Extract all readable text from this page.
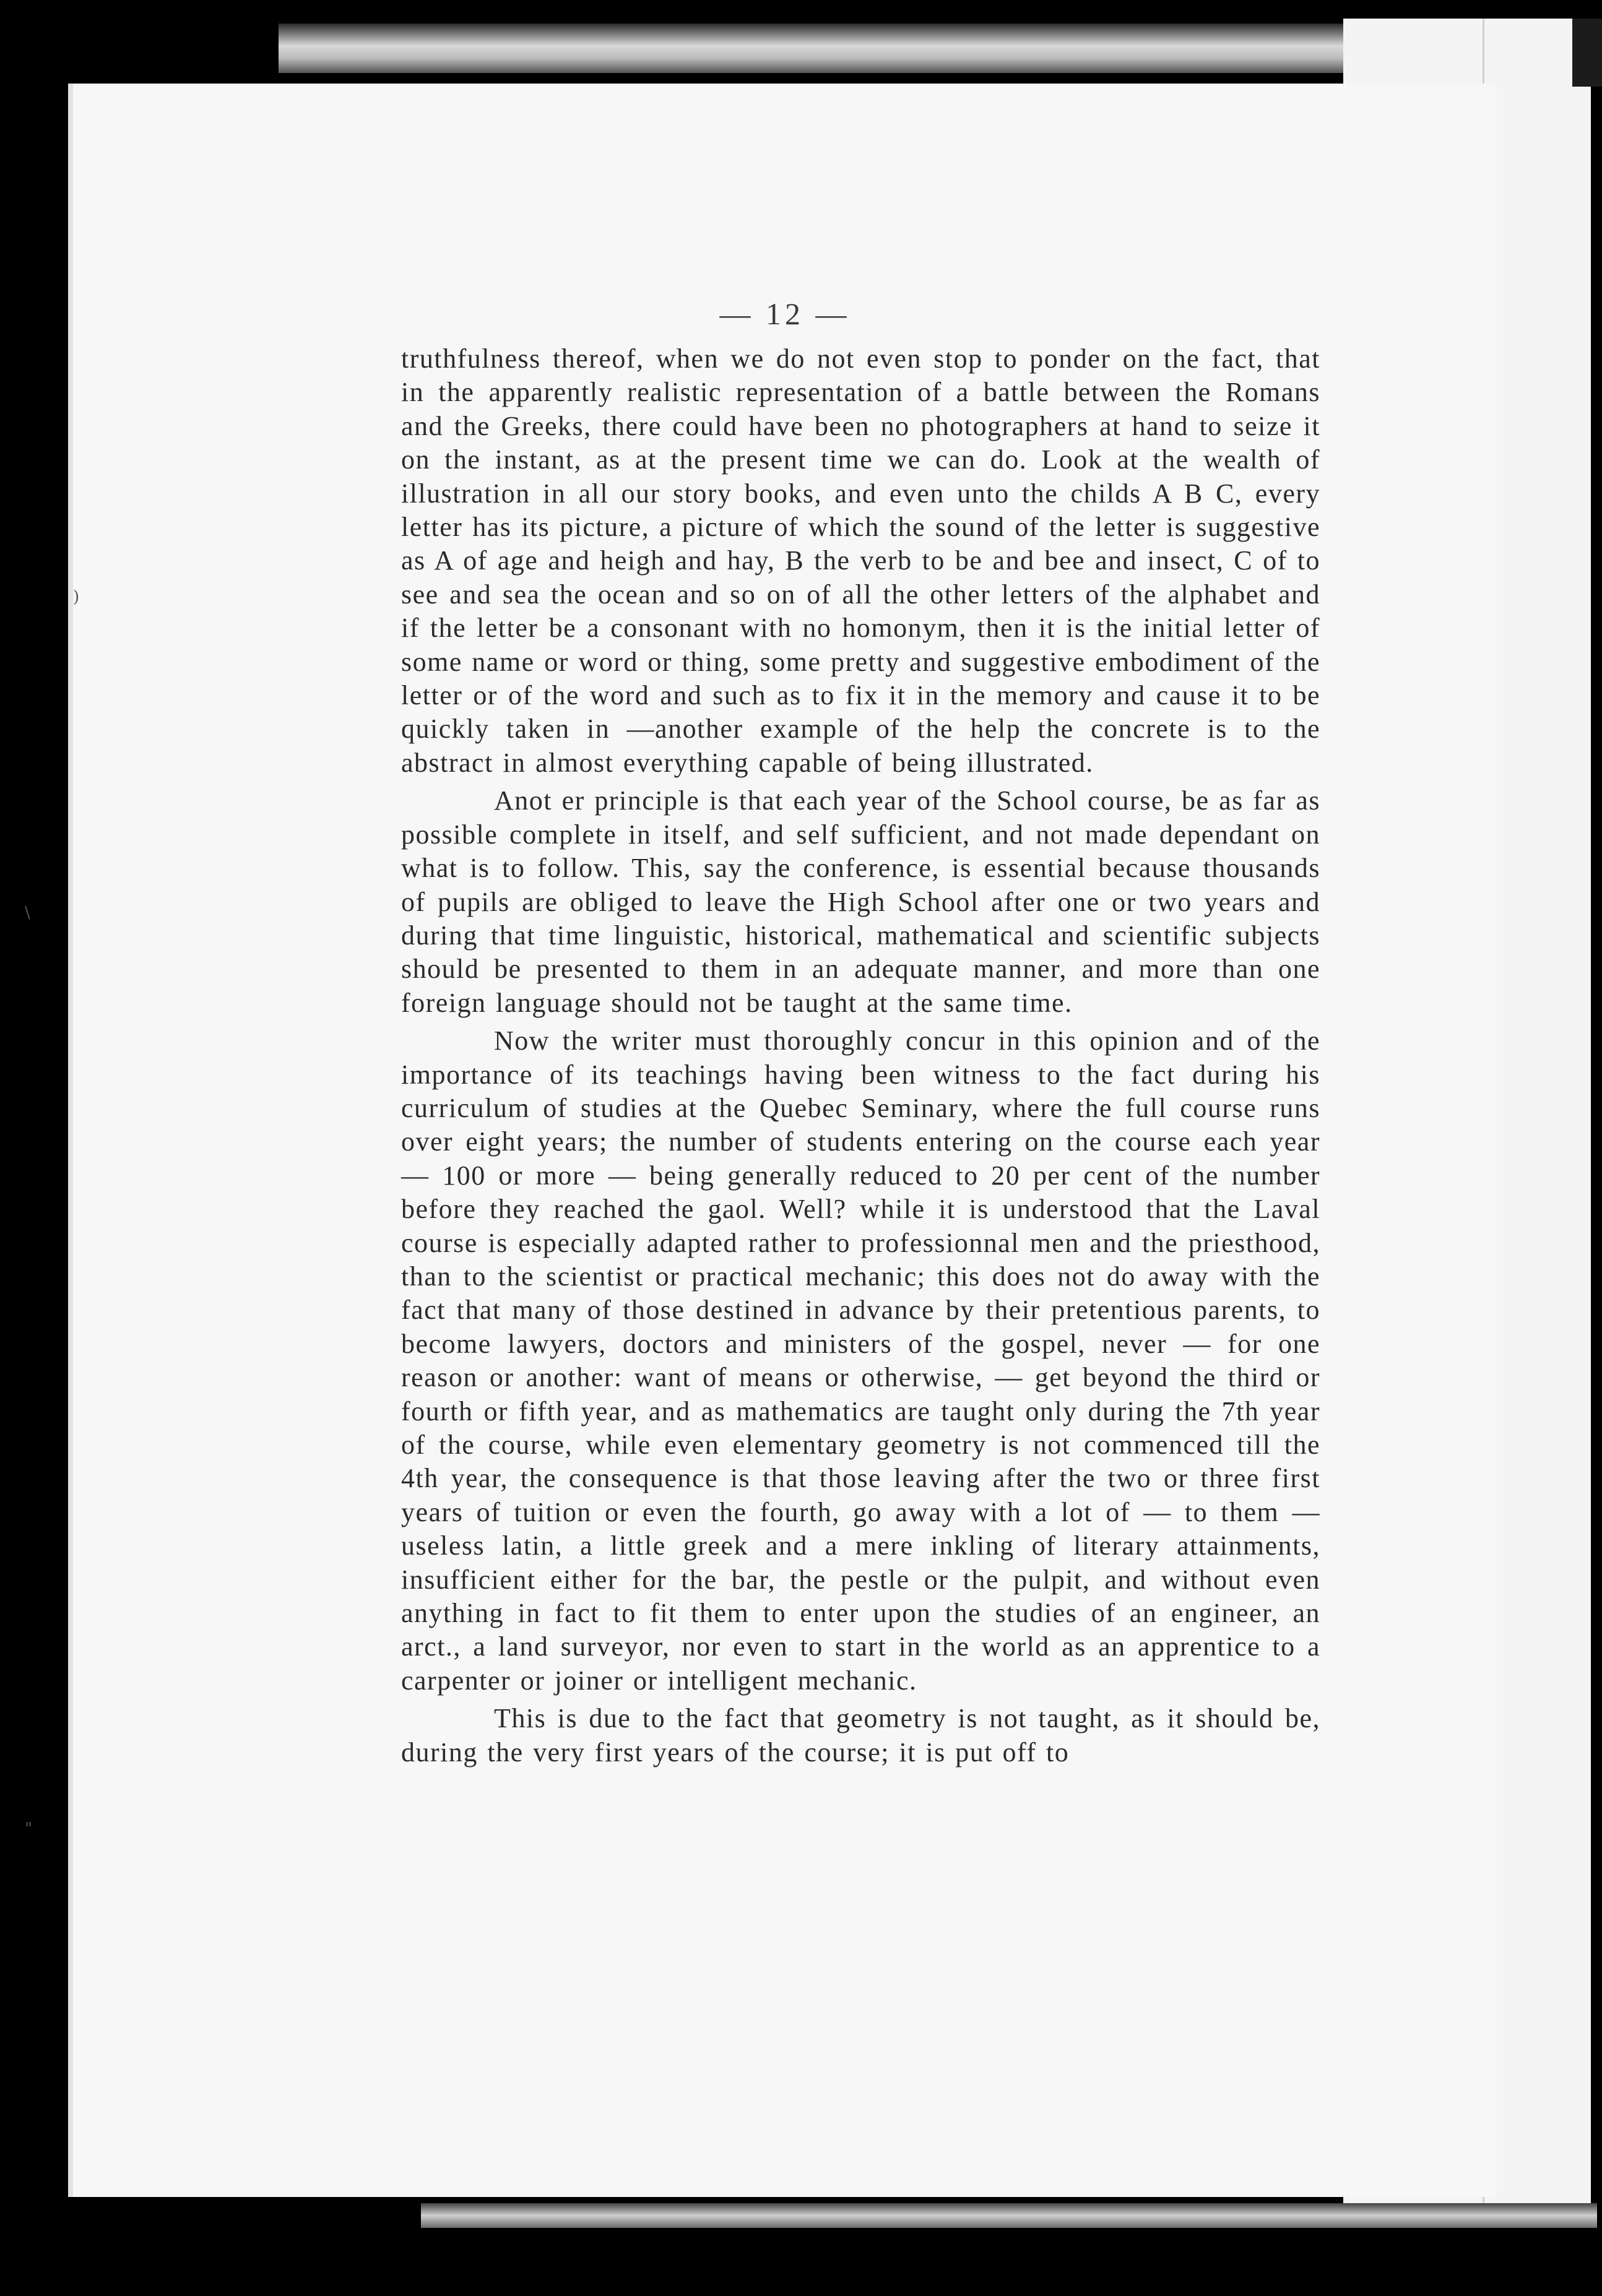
— 12 —

truthfulness thereof, when we do not even stop to ponder on the fact, that in the apparently realistic representation of a battle between the Romans and the Greeks, there could have been no photographers at hand to seize it on the instant, as at the present time we can do. Look at the wealth of illustration in all our story books, and even unto the childs A B C, every letter has its picture, a picture of which the sound of the letter is suggestive as A of age and heigh and hay, B the verb to be and bee and insect, C of to see and sea the ocean and so on of all the other letters of the alphabet and if the letter be a consonant with no homonym, then it is the initial letter of some name or word or thing, some pretty and suggestive embodiment of the letter or of the word and such as to fix it in the memory and cause it to be quickly taken in —another example of the help the concrete is to the abstract in almost everything capable of being illustrated.

Anot er principle is that each year of the School course, be as far as possible complete in itself, and self sufficient, and not made dependant on what is to follow. This, say the conference, is essential because thousands of pupils are obliged to leave the High School after one or two years and during that time linguistic, historical, mathematical and scientific subjects should be presented to them in an adequate manner, and more than one foreign language should not be taught at the same time.

Now the writer must thoroughly concur in this opinion and of the importance of its teachings having been witness to the fact during his curriculum of studies at the Quebec Seminary, where the full course runs over eight years; the number of students entering on the course each year — 100 or more — being generally reduced to 20 per cent of the number before they reached the gaol. Well? while it is understood that the Laval course is especially adapted rather to professionnal men and the priesthood, than to the scientist or practical mechanic; this does not do away with the fact that many of those destined in advance by their pretentious parents, to become lawyers, doctors and ministers of the gospel, never — for one reason or another: want of means or otherwise, — get beyond the third or fourth or fifth year, and as mathematics are taught only during the 7th year of the course, while even elementary geometry is not commenced till the 4th year, the consequence is that those leaving after the two or three first years of tuition or even the fourth, go away with a lot of — to them — useless latin, a little greek and a mere inkling of literary attainments, insufficient either for the bar, the pestle or the pulpit, and without even anything in fact to fit them to enter upon the studies of an engineer, an arct., a land surveyor, nor even to start in the world as an apprentice to a carpenter or joiner or intelligent mechanic.

This is due to the fact that geometry is not taught, as it should be, during the very first years of the course; it is put off to

)
\
"
